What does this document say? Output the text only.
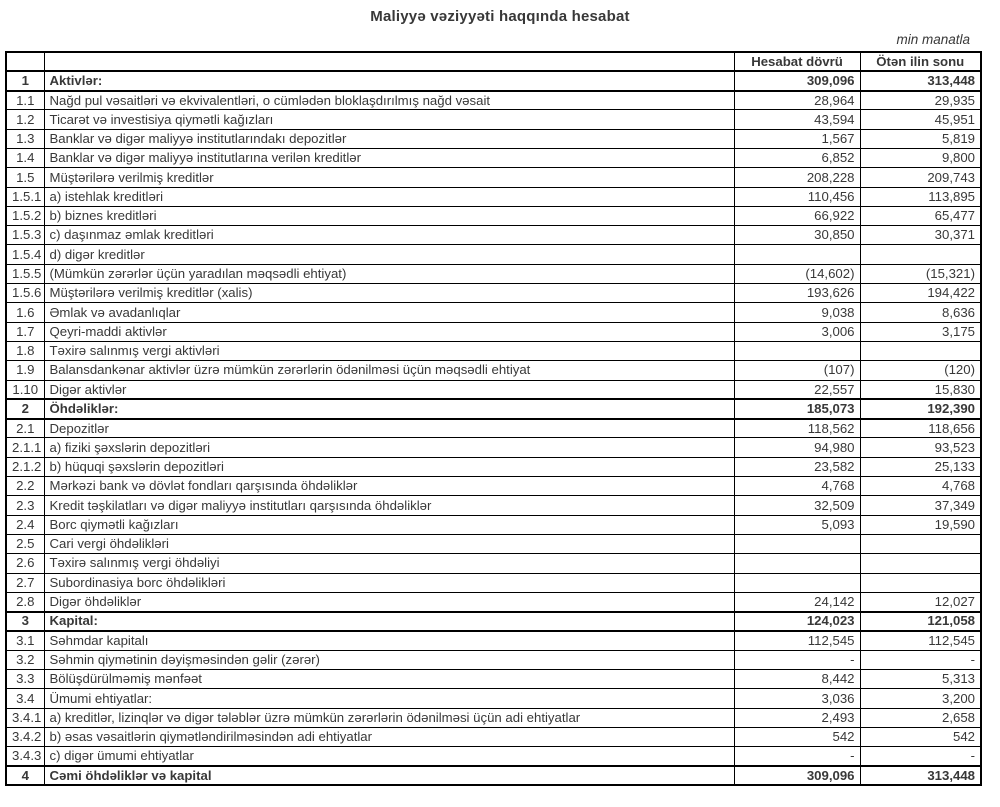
Maliyyə vəziyyəti haqqında hesabat
min manatla
		Hesabat dövrü	Ötən ilin sonu
1	Aktivlər:	309,096	313,448
1.1	Nağd pul vəsaitləri və ekvivalentləri, o cümlədən bloklaşdırılmış nağd vəsait	28,964	29,935
1.2	Ticarət və investisiya qiymətli kağızları	43,594	45,951
1.3	Banklar və digər maliyyə institutlarındakı depozitlər	1,567	5,819
1.4	Banklar və digər maliyyə institutlarına verilən kreditlər	6,852	9,800
1.5	Müştərilərə verilmiş kreditlər	208,228	209,743
1.5.1	a) istehlak kreditləri	110,456	113,895
1.5.2	b) biznes kreditləri	66,922	65,477
1.5.3	c) daşınmaz əmlak kreditləri	30,850	30,371
1.5.4	d) digər kreditlər		
1.5.5	(Mümkün zərərlər üçün yaradılan məqsədli ehtiyat)	(14,602)	(15,321)
1.5.6	Müştərilərə verilmiş kreditlər (xalis)	193,626	194,422
1.6	Əmlak və avadanlıqlar	9,038	8,636
1.7	Qeyri-maddi aktivlər	3,006	3,175
1.8	Təxirə salınmış vergi aktivləri		
1.9	Balansdankənar aktivlər üzrə mümkün zərərlərin ödənilməsi üçün məqsədli ehtiyat	(107)	(120)
1.10	Digər aktivlər	22,557	15,830
2	Öhdəliklər:	185,073	192,390
2.1	Depozitlər	118,562	118,656
2.1.1	a) fiziki şəxslərin depozitləri	94,980	93,523
2.1.2	b) hüquqi şəxslərin depozitləri	23,582	25,133
2.2	Mərkəzi bank və dövlət fondları qarşısında öhdəliklər	4,768	4,768
2.3	Kredit təşkilatları və digər maliyyə institutları qarşısında öhdəliklər	32,509	37,349
2.4	Borc qiymətli kağızları	5,093	19,590
2.5	Cari vergi öhdəlikləri		
2.6	Təxirə salınmış vergi öhdəliyi		
2.7	Subordinasiya borc öhdəlikləri		
2.8	Digər öhdəliklər	24,142	12,027
3	Kapital:	124,023	121,058
3.1	Səhmdar kapitalı	112,545	112,545
3.2	Səhmin qiymətinin dəyişməsindən gəlir (zərər)	-	-
3.3	Bölüşdürülməmiş mənfəət	8,442	5,313
3.4	Ümumi ehtiyatlar:	3,036	3,200
3.4.1	a) kreditlər, lizinqlər və digər tələblər üzrə mümkün zərərlərin ödənilməsi üçün adi ehtiyatlar	2,493	2,658
3.4.2	b) əsas vəsaitlərin qiymətləndirilməsindən adi ehtiyatlar	542	542
3.4.3	c) digər ümumi ehtiyatlar	-	-
4	Cəmi öhdəliklər və kapital	309,096	313,448
